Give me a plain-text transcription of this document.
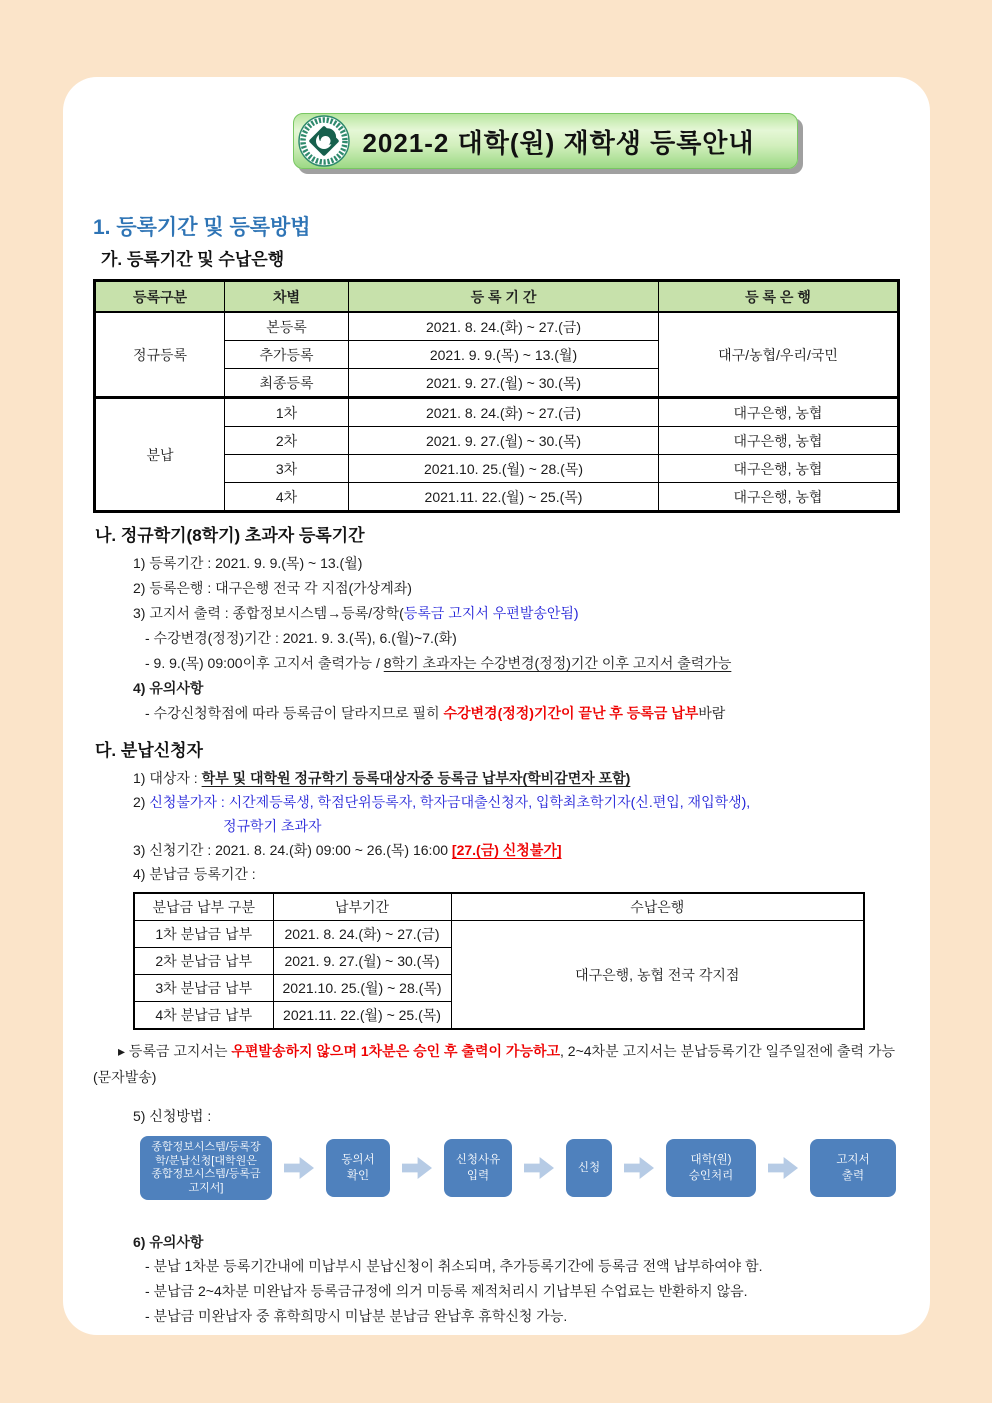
2021-2 대학(원) 재학생 등록안내
1. 등록기간 및 등록방법
가. 등록기간 및 수납은행
등록구분	차별	등 록 기 간	등 록 은 행
정규등록	본등록	2021. 8. 24.(화) ~ 27.(금)	대구/농협/우리/국민
	추가등록	2021. 9. 9.(목) ~ 13.(월)	
	최종등록	2021. 9. 27.(월) ~ 30.(목)	
분납	1차	2021. 8. 24.(화) ~ 27.(금)	대구은행, 농협
	2차	2021. 9. 27.(월) ~ 30.(목)	대구은행, 농협
	3차	2021.10. 25.(월) ~ 28.(목)	대구은행, 농협
	4차	2021.11. 22.(월) ~ 25.(목)	대구은행, 농협
나. 정규학기(8학기) 초과자 등록기간
1) 등록기간 : 2021. 9. 9.(목) ~ 13.(월)
2) 등록은행 : 대구은행 전국 각 지점(가상계좌)
3) 고지서 출력 : 종합정보시스템→등록/장학(등록금 고지서 우편발송안됨)
- 수강변경(정정)기간 : 2021. 9. 3.(목), 6.(월)~7.(화)
- 9. 9.(목) 09:00이후 고지서 출력가능 / 8학기 초과자는 수강변경(정정)기간 이후 고지서 출력가능
4) 유의사항
- 수강신청학점에 따라 등록금이 달라지므로 필히 수강변경(정정)기간이 끝난 후 등록금 납부바람
다. 분납신청자
1) 대상자 : 학부 및 대학원 정규학기 등록대상자중 등록금 납부자(학비감면자 포함)
2) 신청불가자 : 시간제등록생, 학점단위등록자, 학자금대출신청자, 입학최초학기자(신.편입, 재입학생),
정규학기 초과자
3) 신청기간 : 2021. 8. 24.(화) 09:00 ~ 26.(목) 16:00 [27.(금) 신청불가]
4) 분납금 등록기간 :
분납금 납부 구분	납부기간	수납은행
1차 분납금 납부	2021. 8. 24.(화) ~ 27.(금)	대구은행, 농협 전국 각지점
2차 분납금 납부	2021. 9. 27.(월) ~ 30.(목)	
3차 분납금 납부	2021.10. 25.(월) ~ 28.(목)	
4차 분납금 납부	2021.11. 22.(월) ~ 25.(목)	

▸ 등록금 고지서는 우편발송하지 않으며 1차분은 승인 후 출력이 가능하고, 2~4차분 고지서는 분납등록기간 일주일전에 출력 가능(문자발송)

5) 신청방법 :
종합정보시스템/등록장
학/분납신청[대학원은
종합정보시스템/등록금
고지서]
동의서
확인
신청사유
입력
신청
대학(원)
승인처리
고지서
출력
6) 유의사항
- 분납 1차분 등록기간내에 미납부시 분납신청이 취소되며, 추가등록기간에 등록금 전액 납부하여야 함.
- 분납금 2~4차분 미완납자 등록금규정에 의거 미등록 제적처리시 기납부된 수업료는 반환하지 않음.
- 분납금 미완납자 중 휴학희망시 미납분 분납금 완납후 휴학신청 가능.
